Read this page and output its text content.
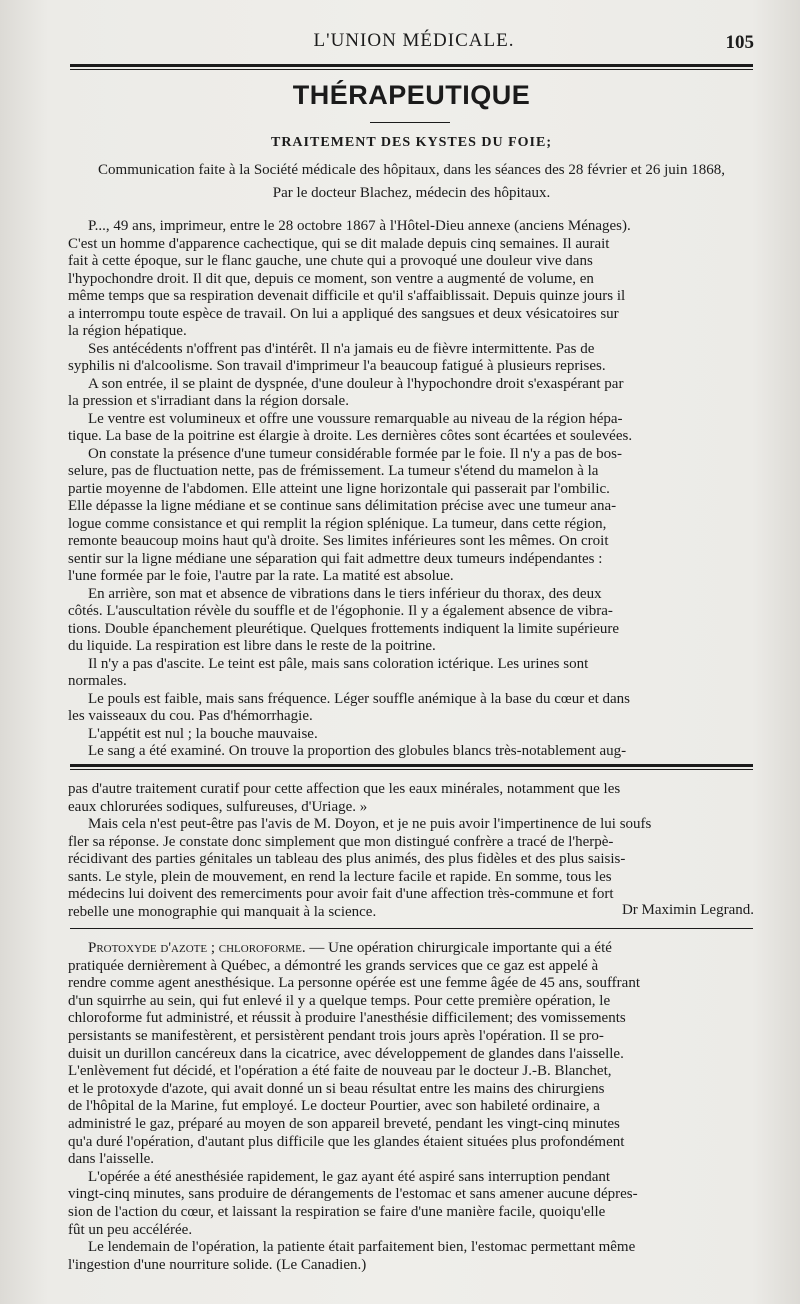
L'UNION MÉDICALE.	105
THÉRAPEUTIQUE
TRAITEMENT DES KYSTES DU FOIE;
Communication faite à la Société médicale des hôpitaux, dans les séances des 28 février et 26 juin 1868,
Par le docteur Blachez, médecin des hôpitaux.
P..., 49 ans, imprimeur, entre le 28 octobre 1867 à l'Hôtel-Dieu annexe (anciens Ménages).
C'est un homme d'apparence cachectique, qui se dit malade depuis cinq semaines. Il aurait
fait à cette époque, sur le flanc gauche, une chute qui a provoqué une douleur vive dans
l'hypochondre droit. Il dit que, depuis ce moment, son ventre a augmenté de volume, en
même temps que sa respiration devenait difficile et qu'il s'affaiblissait. Depuis quinze jours il
a interrompu toute espèce de travail. On lui a appliqué des sangsues et deux vésicatoires sur
la région hépatique.
Ses antécédents n'offrent pas d'intérêt. Il n'a jamais eu de fièvre intermittente. Pas de
syphilis ni d'alcoolisme. Son travail d'imprimeur l'a beaucoup fatigué à plusieurs reprises.
A son entrée, il se plaint de dyspnée, d'une douleur à l'hypochondre droit s'exaspérant par
la pression et s'irradiant dans la région dorsale.
Le ventre est volumineux et offre une voussure remarquable au niveau de la région hépa-
tique. La base de la poitrine est élargie à droite. Les dernières côtes sont écartées et soulevées.
On constate la présence d'une tumeur considérable formée par le foie. Il n'y a pas de bos-
selure, pas de fluctuation nette, pas de frémissement. La tumeur s'étend du mamelon à la
partie moyenne de l'abdomen. Elle atteint une ligne horizontale qui passerait par l'ombilic.
Elle dépasse la ligne médiane et se continue sans délimitation précise avec une tumeur ana-
logue comme consistance et qui remplit la région splénique. La tumeur, dans cette région,
remonte beaucoup moins haut qu'à droite. Ses limites inférieures sont les mêmes. On croit
sentir sur la ligne médiane une séparation qui fait admettre deux tumeurs indépendantes :
l'une formée par le foie, l'autre par la rate. La matité est absolue.
En arrière, son mat et absence de vibrations dans le tiers inférieur du thorax, des deux
côtés. L'auscultation révèle du souffle et de l'égophonie. Il y a également absence de vibra-
tions. Double épanchement pleurétique. Quelques frottements indiquent la limite supérieure
du liquide. La respiration est libre dans le reste de la poitrine.
Il n'y a pas d'ascite. Le teint est pâle, mais sans coloration ictérique. Les urines sont
normales.
Le pouls est faible, mais sans fréquence. Léger souffle anémique à la base du cœur et dans
les vaisseaux du cou. Pas d'hémorrhagie.
L'appétit est nul ; la bouche mauvaise.
Le sang a été examiné. On trouve la proportion des globules blancs très-notablement aug-
pas d'autre traitement curatif pour cette affection que les eaux minérales, notamment que les
eaux chlorurées sodiques, sulfureuses, d'Uriage. »
Mais cela n'est peut-être pas l'avis de M. Doyon, et je ne puis avoir l'impertinence de lui soufs
fler sa réponse. Je constate donc simplement que mon distingué confrère a tracé de l'herpè-
récidivant des parties génitales un tableau des plus animés, des plus fidèles et des plus saisis-
sants. Le style, plein de mouvement, en rend la lecture facile et rapide. En somme, tous les
médecins lui doivent des remerciments pour avoir fait d'une affection très-commune et fort
rebelle une monographie qui manquait à la science.	Dr Maximin Legrand.
Protoxyde d'azote ; chloroforme. — Une opération chirurgicale importante qui a été
pratiquée dernièrement à Québec, a démontré les grands services que ce gaz est appelé à
rendre comme agent anesthésique. La personne opérée est une femme âgée de 45 ans, souffrant
d'un squirrhe au sein, qui fut enlevé il y a quelque temps. Pour cette première opération, le
chloroforme fut administré, et réussit à produire l'anesthésie difficilement; des vomissements
persistants se manifestèrent, et persistèrent pendant trois jours après l'opération. Il se pro-
duisit un durillon cancéreux dans la cicatrice, avec développement de glandes dans l'aisselle.
L'enlèvement fut décidé, et l'opération a été faite de nouveau par le docteur J.-B. Blanchet,
et le protoxyde d'azote, qui avait donné un si beau résultat entre les mains des chirurgiens
de l'hôpital de la Marine, fut employé. Le docteur Pourtier, avec son habileté ordinaire, a
administré le gaz, préparé au moyen de son appareil breveté, pendant les vingt-cinq minutes
qu'a duré l'opération, d'autant plus difficile que les glandes étaient situées plus profondément
dans l'aisselle.
L'opérée a été anesthésiée rapidement, le gaz ayant été aspiré sans interruption pendant
vingt-cinq minutes, sans produire de dérangements de l'estomac et sans amener aucune dépres-
sion de l'action du cœur, et laissant la respiration se faire d'une manière facile, quoiqu'elle
fût un peu accélérée.
Le lendemain de l'opération, la patiente était parfaitement bien, l'estomac permettant même
l'ingestion d'une nourriture solide. (Le Canadien.)
